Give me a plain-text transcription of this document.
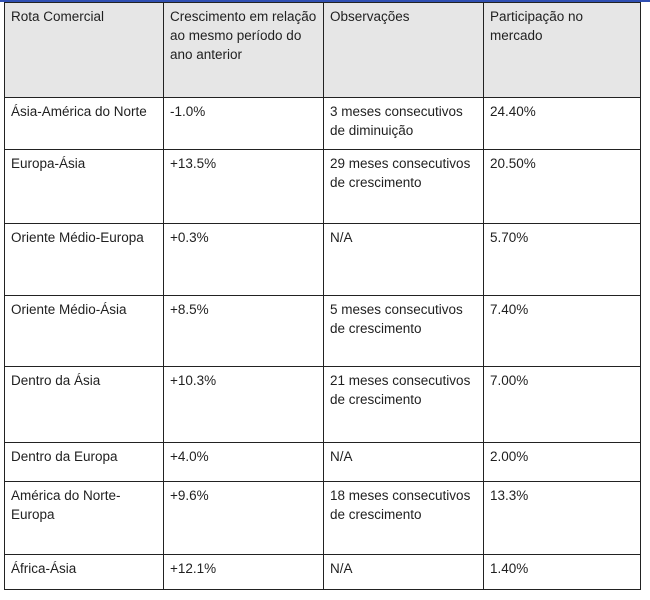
Rota Comercial	Crescimento em relação ao mesmo período do ano anterior	Observações	Participação no mercado
Ásia-América do Norte	-1.0%	3 meses consecutivos de diminuição	24.40%
Europa-Ásia	+13.5%	29 meses consecutivos de crescimento	20.50%
Oriente Médio-Europa	+0.3%	N/A	5.70%
Oriente Médio-Ásia	+8.5%	5 meses consecutivos de crescimento	7.40%
Dentro da Ásia	+10.3%	21 meses consecutivos de crescimento	7.00%
Dentro da Europa	+4.0%	N/A	2.00%
América do Norte-Europa	+9.6%	18 meses consecutivos de crescimento	13.3%
África-Ásia	+12.1%	N/A	1.40%
